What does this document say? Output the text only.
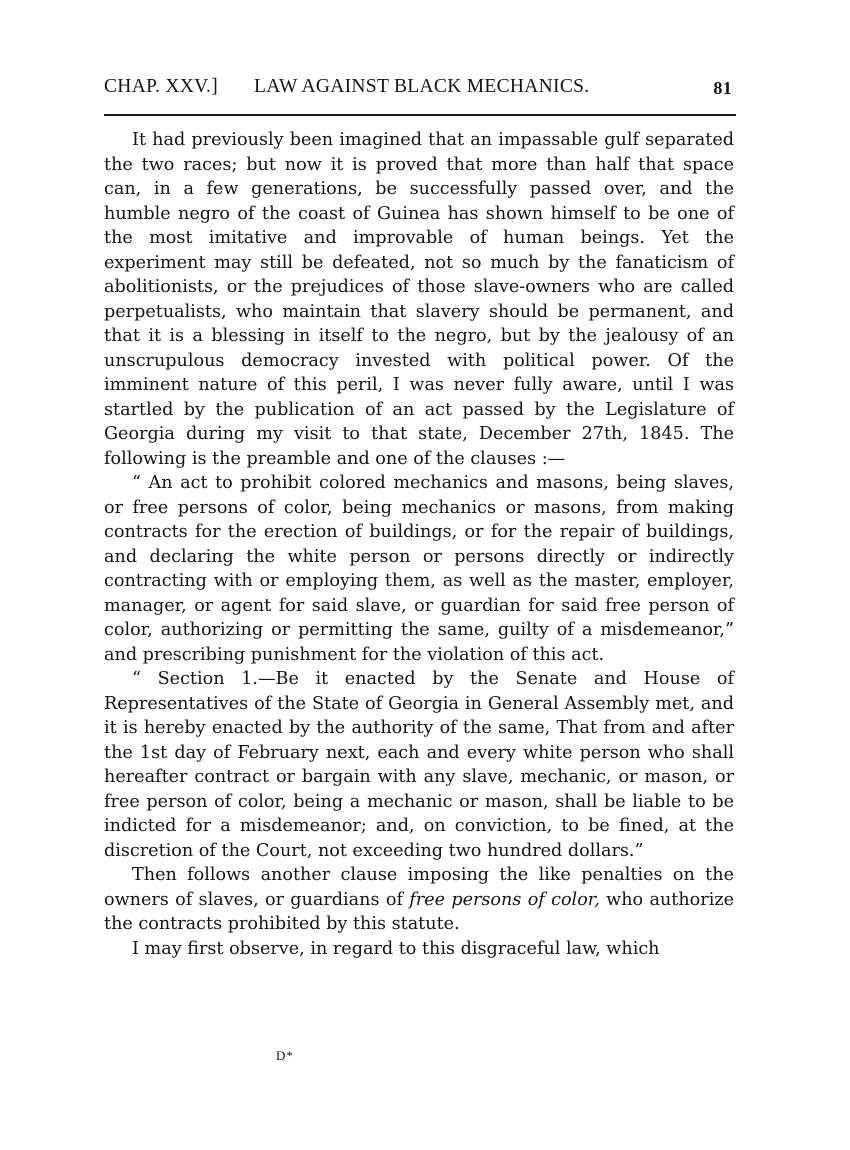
CHAP. XXV.] LAW AGAINST BLACK MECHANICS.	81

It had previously been imagined that an impassable gulf separated the two races; but now it is proved that more than half that space can, in a few generations, be successfully passed over, and the humble negro of the coast of Guinea has shown himself to be one of the most imitative and improvable of human beings. Yet the experiment may still be defeated, not so much by the fanaticism of abolitionists, or the prejudices of those slave-owners who are called perpetualists, who maintain that slavery should be permanent, and that it is a blessing in itself to the negro, but by the jealousy of an unscrupulous democracy invested with political power. Of the imminent nature of this peril, I was never fully aware, until I was startled by the publication of an act passed by the Legislature of Georgia during my visit to that state, December 27th, 1845. The following is the preamble and one of the clauses :—

“ An act to prohibit colored mechanics and masons, being slaves, or free persons of color, being mechanics or masons, from making contracts for the erection of buildings, or for the repair of buildings, and declaring the white person or persons directly or indirectly contracting with or employing them, as well as the master, employer, manager, or agent for said slave, or guardian for said free person of color, authorizing or permitting the same, guilty of a misdemeanor,” and prescribing punishment for the violation of this act.

“ Section 1.—Be it enacted by the Senate and House of Representatives of the State of Georgia in General Assembly met, and it is hereby enacted by the authority of the same, That from and after the 1st day of February next, each and every white person who shall hereafter contract or bargain with any slave, mechanic, or mason, or free person of color, being a mechanic or mason, shall be liable to be indicted for a misdemeanor; and, on conviction, to be fined, at the discretion of the Court, not exceeding two hundred dollars.”

Then follows another clause imposing the like penalties on the owners of slaves, or guardians of free persons of color, who authorize the contracts prohibited by this statute.

I may first observe, in regard to this disgraceful law, which

D*
